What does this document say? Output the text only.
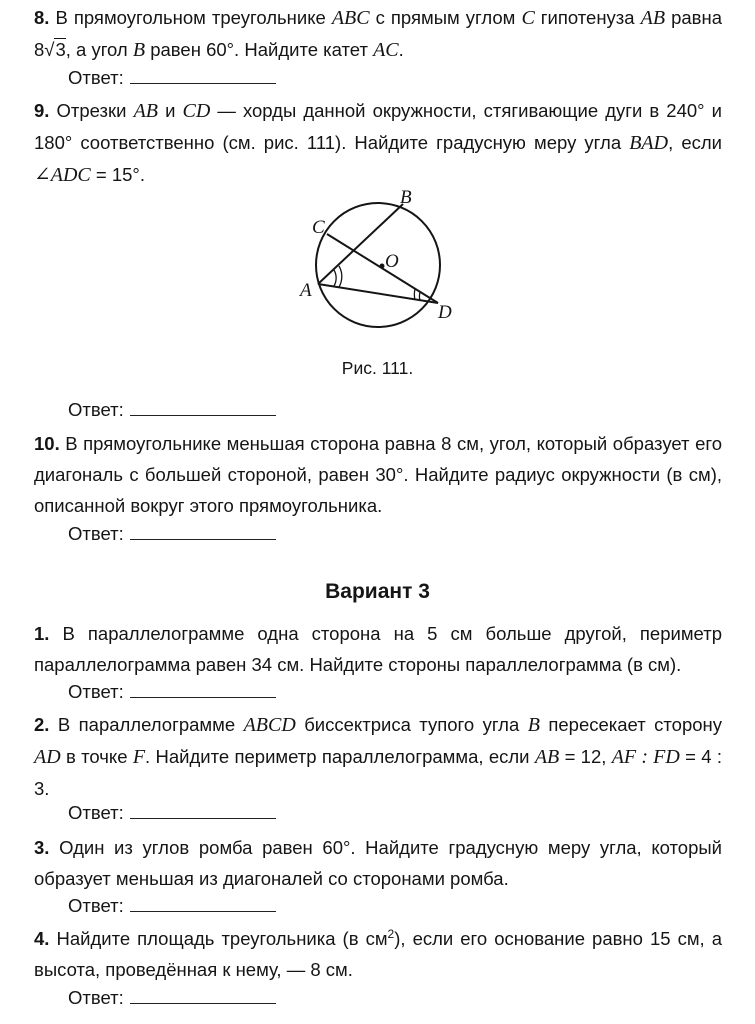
8. В прямоугольном треугольнике ABC с прямым углом C гипотенуза AB равна 8√3, а угол B равен 60°. Найдите катет AC.
Ответ:
9. Отрезки AB и CD — хорды данной окружности, стягивающие дуги в 240° и 180° соответственно (см. рис. 111). Найдите градусную меру угла BAD, если ∠ADC = 15°.
B
C
O
A
D
Рис. 111.
Ответ:
10. В прямоугольнике меньшая сторона равна 8 см, угол, который образует его диагональ с большей стороной, равен 30°. Найдите радиус окружности (в см), описанной вокруг этого прямоугольника.
Ответ:
Вариант 3
1. В параллелограмме одна сторона на 5 см больше другой, периметр параллелограмма равен 34 см. Найдите стороны параллелограмма (в см).
Ответ:
2. В параллелограмме ABCD биссектриса тупого угла B пересекает сторону AD в точке F. Найдите периметр параллелограмма, если AB = 12, AF : FD = 4 : 3.
Ответ:
3. Один из углов ромба равен 60°. Найдите градусную меру угла, который образует меньшая из диагоналей со сторонами ромба.
Ответ:
4. Найдите площадь треугольника (в $см^2$), если его основание равно 15 см, а высота, проведённая к нему, — 8 см.
Ответ:
